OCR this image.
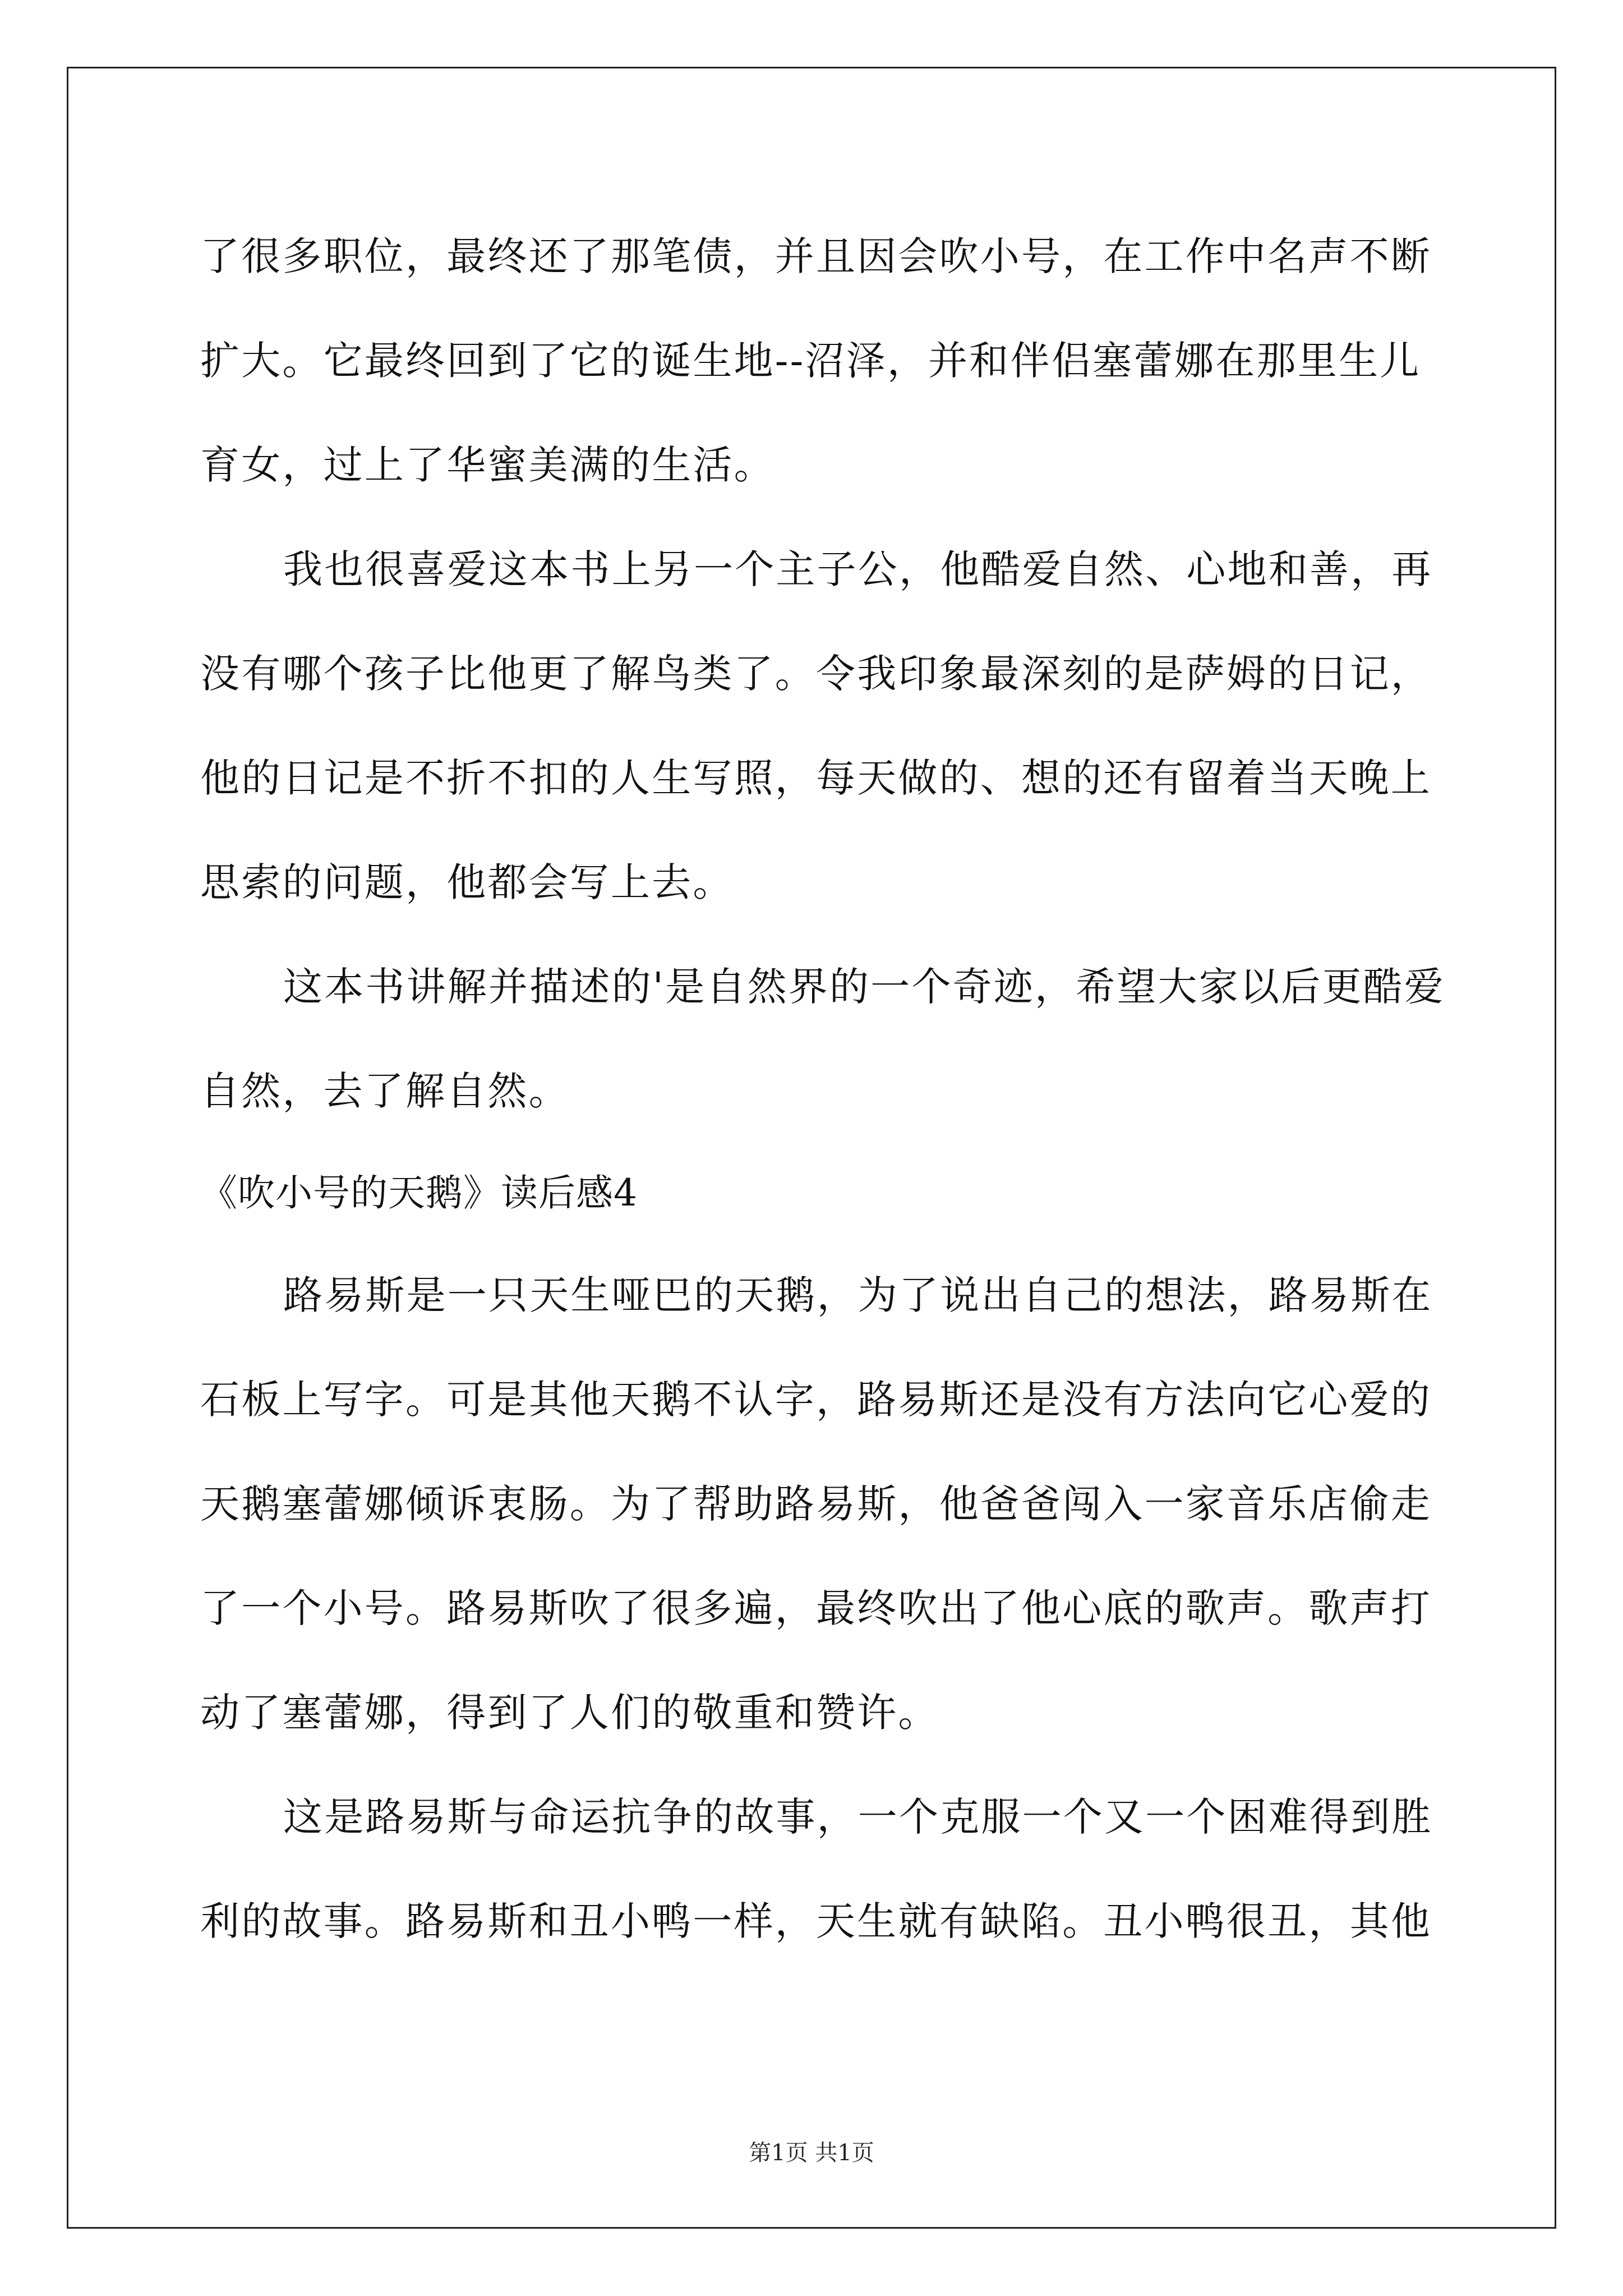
了很多职位，最终还了那笔债，并且因会吹小号，在工作中名声不断
扩大。它最终回到了它的诞生地--沼泽，并和伴侣塞蕾娜在那里生儿
育女，过上了华蜜美满的生活。
我也很喜爱这本书上另一个主子公，他酷爱自然、心地和善，再
没有哪个孩子比他更了解鸟类了。令我印象最深刻的是萨姆的日记，
他的日记是不折不扣的人生写照，每天做的、想的还有留着当天晚上
思索的问题，他都会写上去。
这本书讲解并描述的'是自然界的一个奇迹，希望大家以后更酷爱
自然，去了解自然。
《吹小号的天鹅》读后感4
路易斯是一只天生哑巴的天鹅，为了说出自己的想法，路易斯在
石板上写字。可是其他天鹅不认字，路易斯还是没有方法向它心爱的
天鹅塞蕾娜倾诉衷肠。为了帮助路易斯，他爸爸闯入一家音乐店偷走
了一个小号。路易斯吹了很多遍，最终吹出了他心底的歌声。歌声打
动了塞蕾娜，得到了人们的敬重和赞许。
这是路易斯与命运抗争的故事，一个克服一个又一个困难得到胜
利的故事。路易斯和丑小鸭一样，天生就有缺陷。丑小鸭很丑，其他
第1页 共1页
